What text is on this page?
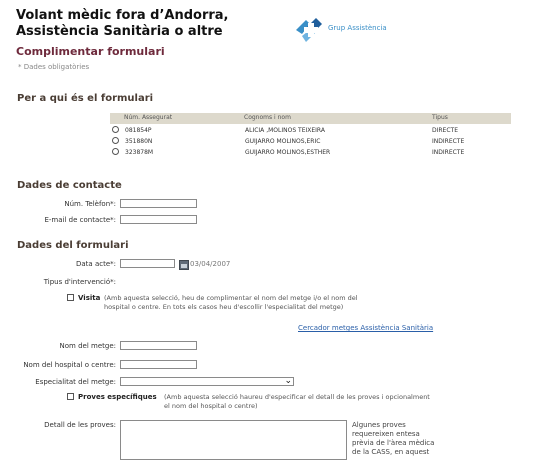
Volant mèdic fora d’Andorra, Assistència Sanitària o altre	Grup Assistència
Complimentar formulari
* Dades obligatòries
Per a qui és el formulari
Núm. Assegurat	Cognoms i nom	Tipus
081854P	ALICIA ,MOLINOS TEIXEIRA	DIRECTE
351880N	GUIJARRO MOLINOS,ERIC	INDIRECTE
323878M	GUIJARRO MOLINOS,ESTHER	INDIRECTE
Dades de contacte
Núm. Telèfon*:
E-mail de contacte*:
Dades del formulari
Data acte*:	03/04/2007
Tipus d'intervenció*:
Visita (Amb aquesta selecció, heu de complimentar el nom del metge i/o el nom del hospital o centre. En tots els casos heu d'escollir l'especialitat del metge)
Cercador metges Assistència Sanitària
Nom del metge:
Nom del hospital o centre:
Especialitat del metge:	⌄
Proves específiques (Amb aquesta selecció haureu d'especificar el detall de les proves i opcionalment el nom del hospital o centre)
Detall de les proves:	Algunes proves requereixen entesa prèvia de l'àrea mèdica de la CASS, en aquest
